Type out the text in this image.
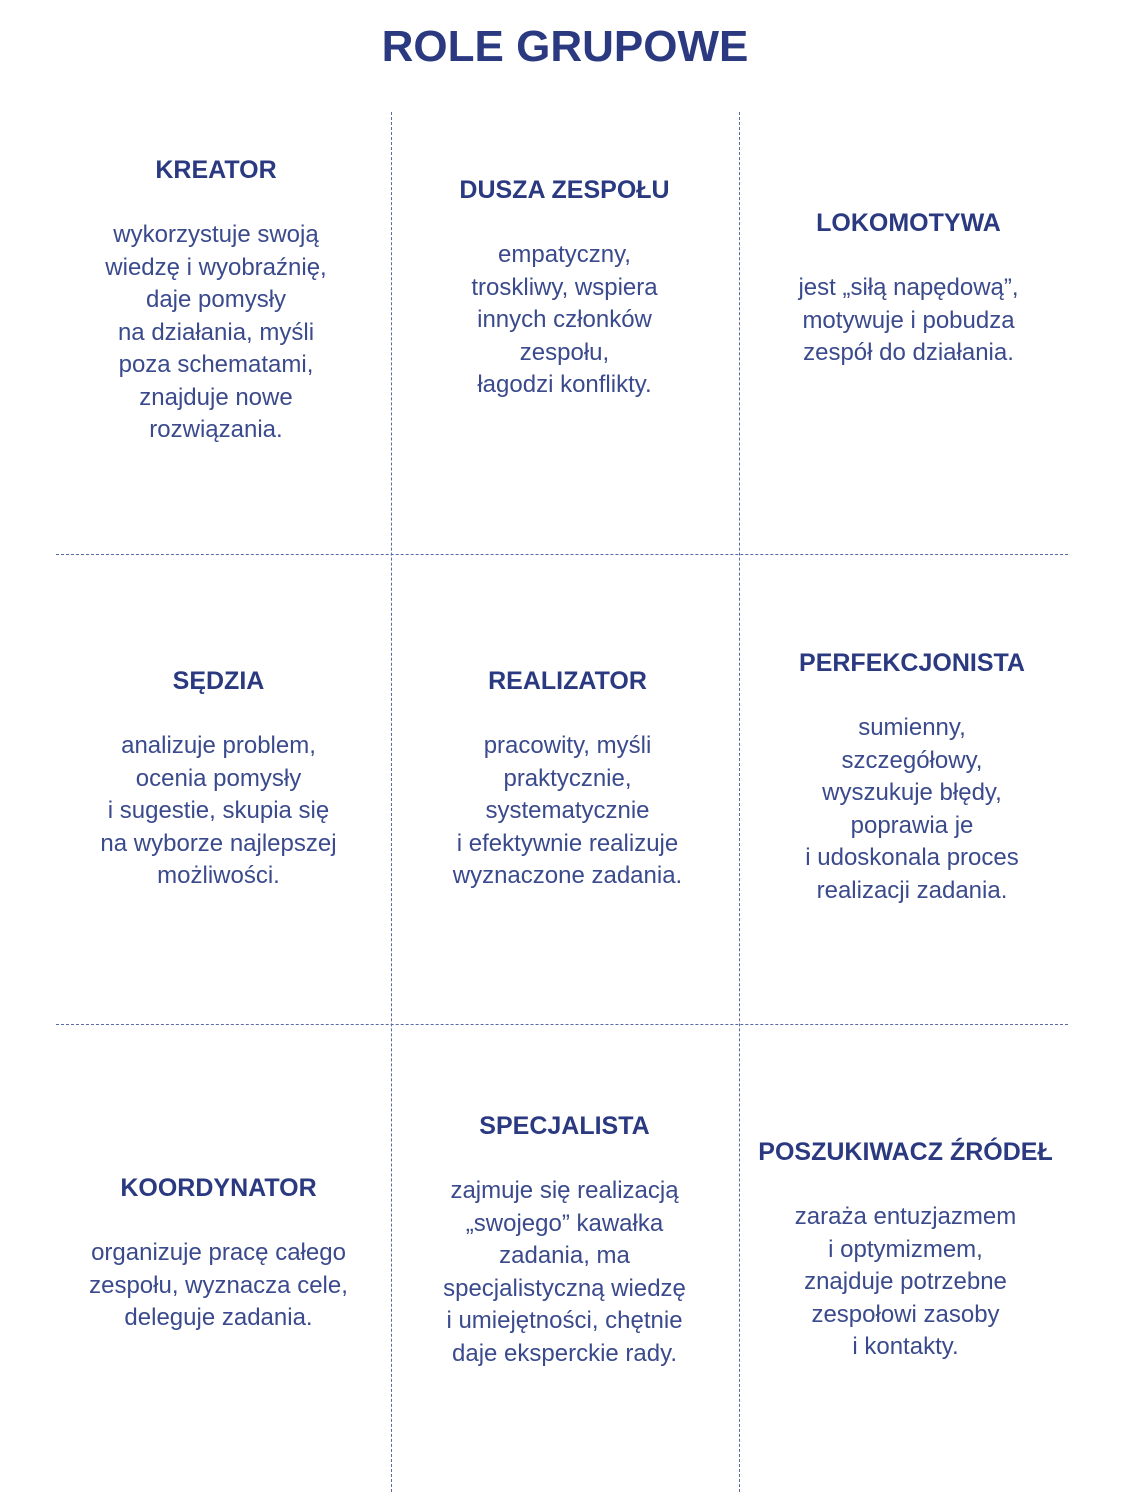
ROLE GRUPOWE
KREATOR
wykorzystuje swoją
wiedzę i wyobraźnię,
daje pomysły
na działania, myśli
poza schematami,
znajduje nowe
rozwiązania.
DUSZA ZESPOŁU
empatyczny,
troskliwy, wspiera
innych członków
zespołu,
łagodzi konflikty.
LOKOMOTYWA
jest „siłą napędową”,
motywuje i pobudza
zespół do działania.
SĘDZIA
analizuje problem,
ocenia pomysły
i sugestie, skupia się
na wyborze najlepszej
możliwości.
REALIZATOR
pracowity, myśli
praktycznie,
systematycznie
i efektywnie realizuje
wyznaczone zadania.
PERFEKCJONISTA
sumienny,
szczegółowy,
wyszukuje błędy,
poprawia je
i udoskonala proces
realizacji zadania.
KOORDYNATOR
organizuje pracę całego
zespołu, wyznacza cele,
deleguje zadania.
SPECJALISTA
zajmuje się realizacją
„swojego” kawałka
zadania, ma
specjalistyczną wiedzę
i umiejętności, chętnie
daje eksperckie rady.
POSZUKIWACZ ŹRÓDEŁ
zaraża entuzjazmem
i optymizmem,
znajduje potrzebne
zespołowi zasoby
i kontakty.
